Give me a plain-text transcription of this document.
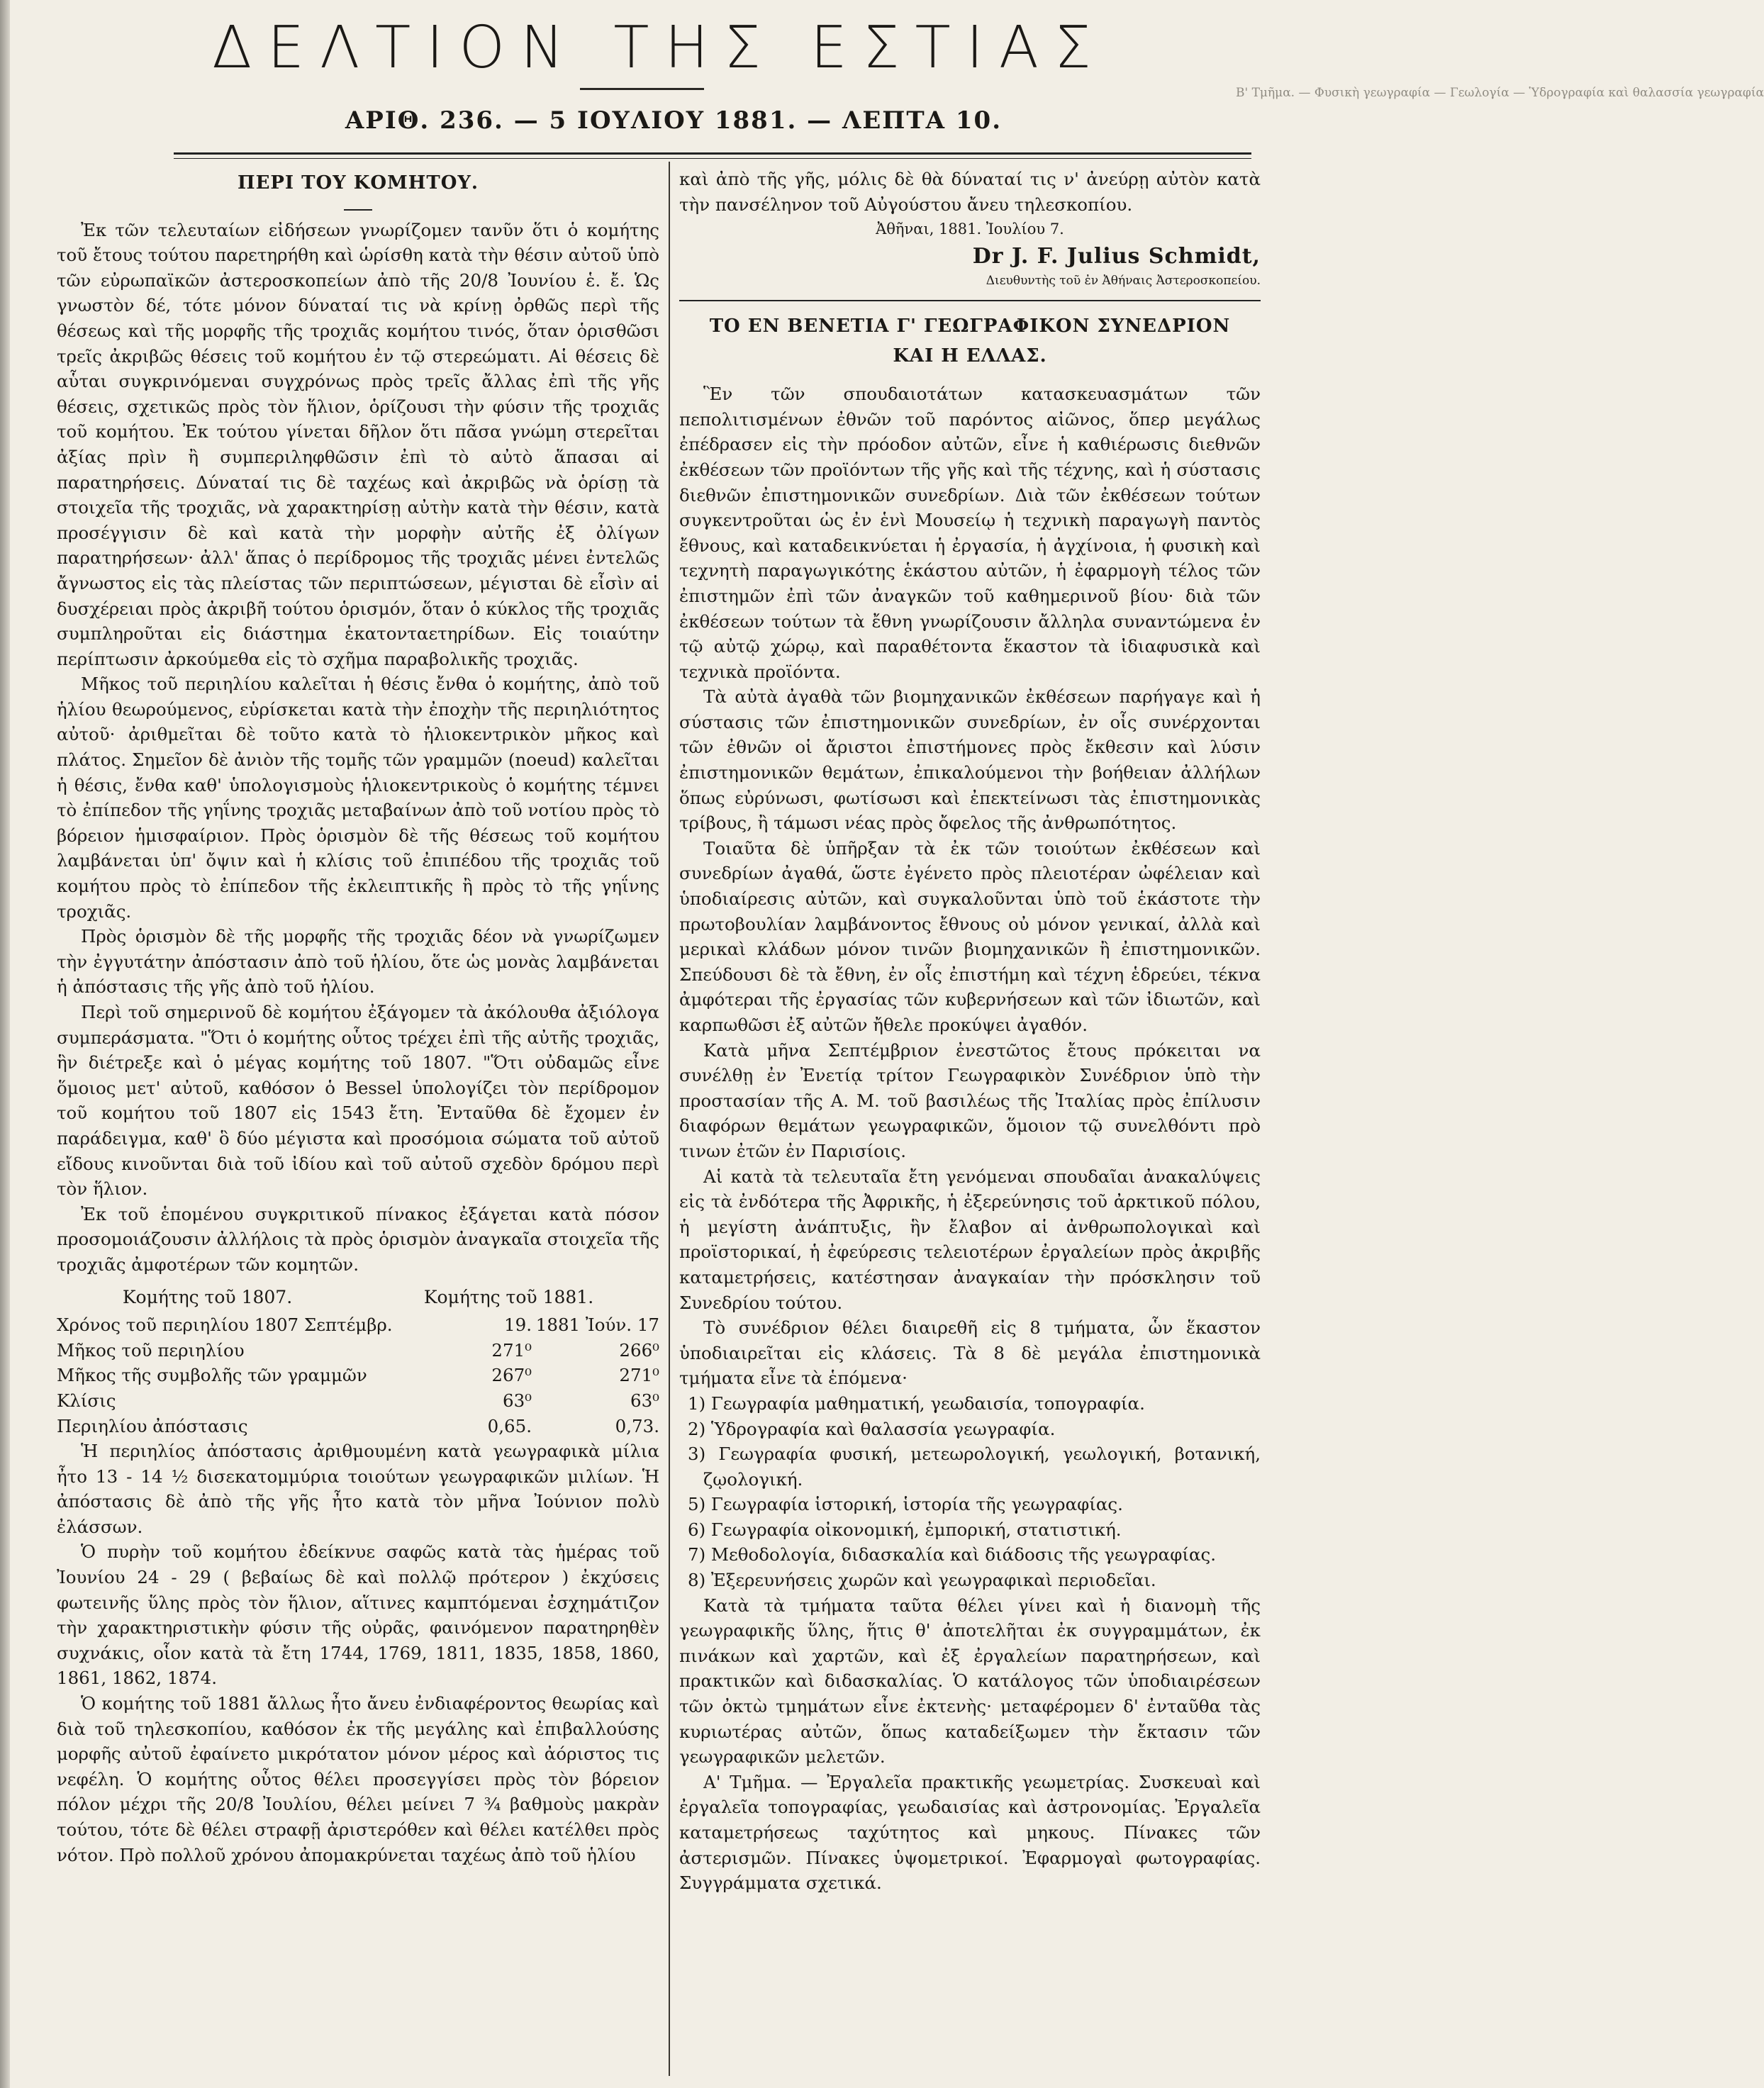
Β' Τμῆμα. — Φυσικὴ γεωγραφία — Γεωλογία — Ὑδρογραφία καὶ θαλασσία γεωγραφία
ΔΕΛΤΙΟΝ ΤΗΣ ΕΣΤΙΑΣ
ΑΡΙΘ. 236. — 5 ΙΟΥΛΙΟΥ 1881. — ΛΕΠΤΑ 10.
ΠΕΡΙ ΤΟΥ ΚΟΜΗΤΟΥ.

Ἐκ τῶν τελευταίων εἰδήσεων γνωρίζομεν τανῦν ὅτι ὁ κομήτης τοῦ ἔτους τούτου παρετηρήθη καὶ ὡρίσθη κατὰ τὴν θέσιν αὐτοῦ ὑπὸ τῶν εὐρωπαϊκῶν ἀστεροσκοπείων ἀπὸ τῆς 20/8 Ἰουνίου ἑ. ἔ. Ὡς γνωστὸν δέ, τότε μόνον δύναταί τις νὰ κρίνῃ ὀρθῶς περὶ τῆς θέσεως καὶ τῆς μορφῆς τῆς τροχιᾶς κομήτου τινός, ὅταν ὁρισθῶσι τρεῖς ἀκριβῶς θέσεις τοῦ κομήτου ἐν τῷ στερεώματι. Αἱ θέσεις δὲ αὗται συγκρινόμεναι συγχρόνως πρὸς τρεῖς ἄλλας ἐπὶ τῆς γῆς θέσεις, σχετικῶς πρὸς τὸν ἥλιον, ὁρίζουσι τὴν φύσιν τῆς τροχιᾶς τοῦ κομήτου. Ἐκ τούτου γίνεται δῆλον ὅτι πᾶσα γνώμη στερεῖται ἀξίας πρὶν ἢ συμπεριληφθῶσιν ἐπὶ τὸ αὐτὸ ἅπασαι αἱ παρατηρήσεις. Δύναταί τις δὲ ταχέως καὶ ἀκριβῶς νὰ ὁρίσῃ τὰ στοιχεῖα τῆς τροχιᾶς, νὰ χαρακτηρίσῃ αὐτὴν κατὰ τὴν θέσιν, κατὰ προσέγγισιν δὲ καὶ κατὰ τὴν μορφὴν αὐτῆς ἐξ ὀλίγων παρατηρήσεων· ἀλλ' ἅπας ὁ περίδρομος τῆς τροχιᾶς μένει ἐντελῶς ἄγνωστος εἰς τὰς πλείστας τῶν περιπτώσεων, μέγισται δὲ εἶσὶν αἱ δυσχέρειαι πρὸς ἀκριβῆ τούτου ὁρισμόν, ὅταν ὁ κύκλος τῆς τροχιᾶς συμπληροῦται εἰς διάστημα ἑκατονταετηρίδων. Εἰς τοιαύτην περίπτωσιν ἀρκούμεθα εἰς τὸ σχῆμα παραβολικῆς τροχιᾶς.

Μῆκος τοῦ περιηλίου καλεῖται ἡ θέσις ἔνθα ὁ κομήτης, ἀπὸ τοῦ ἡλίου θεωρούμενος, εὑρίσκεται κατὰ τὴν ἐποχὴν τῆς περιηλιότητος αὐτοῦ· ἀριθμεῖται δὲ τοῦτο κατὰ τὸ ἡλιοκεντρικὸν μῆκος καὶ πλάτος. Σημεῖον δὲ ἀνιὸν τῆς τομῆς τῶν γραμμῶν (noeud) καλεῖται ἡ θέσις, ἔνθα καθ' ὑπολογισμοὺς ἡλιοκεντρικοὺς ὁ κομήτης τέμνει τὸ ἐπίπεδον τῆς γηΐνης τροχιᾶς μεταβαίνων ἀπὸ τοῦ νοτίου πρὸς τὸ βόρειον ἡμισφαίριον. Πρὸς ὁρισμὸν δὲ τῆς θέσεως τοῦ κομήτου λαμβάνεται ὑπ' ὄψιν καὶ ἡ κλίσις τοῦ ἐπιπέδου τῆς τροχιᾶς τοῦ κομήτου πρὸς τὸ ἐπίπεδον τῆς ἐκλειπτικῆς ἢ πρὸς τὸ τῆς γηΐνης τροχιᾶς.

Πρὸς ὁρισμὸν δὲ τῆς μορφῆς τῆς τροχιᾶς δέον νὰ γνωρίζωμεν τὴν ἐγγυτάτην ἀπόστασιν ἀπὸ τοῦ ἡλίου, ὅτε ὡς μονὰς λαμβάνεται ἡ ἀπόστασις τῆς γῆς ἀπὸ τοῦ ἡλίου.

Περὶ τοῦ σημερινοῦ δὲ κομήτου ἐξάγομεν τὰ ἀκόλουθα ἀξιόλογα συμπεράσματα. "Ὅτι ὁ κομήτης οὗτος τρέχει ἐπὶ τῆς αὐτῆς τροχιᾶς, ἣν διέτρεξε καὶ ὁ μέγας κομήτης τοῦ 1807. "Ὅτι οὐδαμῶς εἶνε ὅμοιος μετ' αὐτοῦ, καθόσον ὁ Bessel ὑπολογίζει τὸν περίδρομον τοῦ κομήτου τοῦ 1807 εἰς 1543 ἔτη. Ἐνταῦθα δὲ ἔχομεν ἐν παράδειγμα, καθ' ὃ δύο μέγιστα καὶ προσόμοια σώματα τοῦ αὐτοῦ εἴδους κινοῦνται διὰ τοῦ ἰδίου καὶ τοῦ αὐτοῦ σχεδὸν δρόμου περὶ τὸν ἥλιον.

Ἐκ τοῦ ἑπομένου συγκριτικοῦ πίνακος ἐξάγεται κατὰ πόσον προσομοιάζουσιν ἀλλήλοις τὰ πρὸς ὁρισμὸν ἀναγκαῖα στοιχεῖα τῆς τροχιᾶς ἀμφοτέρων τῶν κομητῶν.

Κομήτης τοῦ 1807.	Κομήτης τοῦ 1881.
Χρόνος τοῦ περιηλίου 1807 Σεπτέμβρ.	19. 1881 Ἰούν. 17
Μῆκος τοῦ περιηλίου	271⁰	266⁰
Μῆκος τῆς συμβολῆς τῶν γραμμῶν	267⁰	271⁰
Κλίσις	63⁰	63⁰
Περιηλίου ἀπόστασις	0,65.	0,73.

Ἡ περιηλίος ἀπόστασις ἀριθμουμένη κατὰ γεωγραφικὰ μίλια ἦτο 13 - 14 ½ δισεκατομμύρια τοιούτων γεωγραφικῶν μιλίων. Ἡ ἀπόστασις δὲ ἀπὸ τῆς γῆς ἦτο κατὰ τὸν μῆνα Ἰούνιον πολὺ ἐλάσσων.

Ὁ πυρὴν τοῦ κομήτου ἐδείκνυε σαφῶς κατὰ τὰς ἡμέρας τοῦ Ἰουνίου 24 - 29 ( βεβαίως δὲ καὶ πολλῷ πρότερον ) ἐκχύσεις φωτεινῆς ὕλης πρὸς τὸν ἥλιον, αἵτινες καμπτόμεναι ἐσχημάτιζον τὴν χαρακτηριστικὴν φύσιν τῆς οὐρᾶς, φαινόμενον παρατηρηθὲν συχνάκις, οἷον κατὰ τὰ ἔτη 1744, 1769, 1811, 1835, 1858, 1860, 1861, 1862, 1874.

Ὁ κομήτης τοῦ 1881 ἄλλως ἦτο ἄνευ ἐνδιαφέροντος θεωρίας καὶ διὰ τοῦ τηλεσκοπίου, καθόσον ἐκ τῆς μεγάλης καὶ ἐπιβαλλούσης μορφῆς αὐτοῦ ἐφαίνετο μικρότατον μόνον μέρος καὶ ἀόριστος τις νεφέλη. Ὁ κομήτης οὗτος θέλει προσεγγίσει πρὸς τὸν βόρειον πόλον μέχρι τῆς 20/8 Ἰουλίου, θέλει μείνει 7 ¾ βαθμοὺς μακρὰν τούτου, τότε δὲ θέλει στραφῇ ἀριστερόθεν καὶ θέλει κατέλθει πρὸς νότον. Πρὸ πολλοῦ χρόνου ἀπομακρύνεται ταχέως ἀπὸ τοῦ ἡλίου

καὶ ἀπὸ τῆς γῆς, μόλις δὲ θὰ δύναταί τις ν' ἀνεύρῃ αὐτὸν κατὰ τὴν πανσέληνον τοῦ Αὐγούστου ἄνευ τηλεσκοπίου.

Ἀθῆναι, 1881. Ἰουλίου 7.
Dr J. F. Julius Schmidt,
Διευθυντὴς τοῦ ἐν Ἀθήναις Ἀστεροσκοπείου.
ΤΟ ΕΝ ΒΕΝΕΤΙΑ Γ' ΓΕΩΓΡΑΦΙΚΟΝ ΣΥΝΕΔΡΙΟΝ
ΚΑΙ Η ΕΛΛΑΣ.

Ἓν τῶν σπουδαιοτάτων κατασκευασμάτων τῶν πεπολιτισμένων ἐθνῶν τοῦ παρόντος αἰῶνος, ὅπερ μεγάλως ἐπέδρασεν εἰς τὴν πρόοδον αὐτῶν, εἶνε ἡ καθιέρωσις διεθνῶν ἐκθέσεων τῶν προϊόντων τῆς γῆς καὶ τῆς τέχνης, καὶ ἡ σύστασις διεθνῶν ἐπιστημονικῶν συνεδρίων. Διὰ τῶν ἐκθέσεων τούτων συγκεντροῦται ὡς ἐν ἑνὶ Μουσείῳ ἡ τεχνικὴ παραγωγὴ παντὸς ἔθνους, καὶ καταδεικνύεται ἡ ἐργασία, ἡ ἀγχίνοια, ἡ φυσικὴ καὶ τεχνητὴ παραγωγικότης ἑκάστου αὐτῶν, ἡ ἐφαρμογὴ τέλος τῶν ἐπιστημῶν ἐπὶ τῶν ἀναγκῶν τοῦ καθημερινοῦ βίου· διὰ τῶν ἐκθέσεων τούτων τὰ ἔθνη γνωρίζουσιν ἄλληλα συναντώμενα ἐν τῷ αὐτῷ χώρῳ, καὶ παραθέτοντα ἕκαστον τὰ ἰδιαφυσικὰ καὶ τεχνικὰ προϊόντα.

Τὰ αὐτὰ ἀγαθὰ τῶν βιομηχανικῶν ἐκθέσεων παρήγαγε καὶ ἡ σύστασις τῶν ἐπιστημονικῶν συνεδρίων, ἐν οἷς συνέρχονται τῶν ἐθνῶν οἱ ἄριστοι ἐπιστήμονες πρὸς ἔκθεσιν καὶ λύσιν ἐπιστημονικῶν θεμάτων, ἐπικαλούμενοι τὴν βοήθειαν ἀλλήλων ὅπως εὐρύνωσι, φωτίσωσι καὶ ἐπεκτείνωσι τὰς ἐπιστημονικὰς τρίβους, ἢ τάμωσι νέας πρὸς ὄφελος τῆς ἀνθρωπότητος.

Τοιαῦτα δὲ ὑπῆρξαν τὰ ἐκ τῶν τοιούτων ἐκθέσεων καὶ συνεδρίων ἀγαθά, ὥστε ἐγένετο πρὸς πλειοτέραν ὠφέλειαν καὶ ὑποδιαίρεσις αὐτῶν, καὶ συγκαλοῦνται ὑπὸ τοῦ ἑκάστοτε τὴν πρωτοβουλίαν λαμβάνοντος ἔθνους οὐ μόνον γενικαί, ἀλλὰ καὶ μερικαὶ κλάδων μόνον τινῶν βιομηχανικῶν ἢ ἐπιστημονικῶν. Σπεύδουσι δὲ τὰ ἔθνη, ἐν οἷς ἐπιστήμη καὶ τέχνη ἑδρεύει, τέκνα ἀμφότεραι τῆς ἐργασίας τῶν κυβερνήσεων καὶ τῶν ἰδιωτῶν, καὶ καρπωθῶσι ἐξ αὐτῶν ἤθελε προκύψει ἀγαθόν.

Κατὰ μῆνα Σεπτέμβριον ἐνεστῶτος ἔτους πρόκειται να συνέλθῃ ἐν Ἐνετίᾳ τρίτον Γεωγραφικὸν Συνέδριον ὑπὸ τὴν προστασίαν τῆς Α. Μ. τοῦ βασιλέως τῆς Ἰταλίας πρὸς ἐπίλυσιν διαφόρων θεμάτων γεωγραφικῶν, ὅμοιον τῷ συνελθόντι πρὸ τινων ἐτῶν ἐν Παρισίοις.

Αἱ κατὰ τὰ τελευταῖα ἔτη γενόμεναι σπουδαῖαι ἀνακαλύψεις εἰς τὰ ἐνδότερα τῆς Ἀφρικῆς, ἡ ἐξερεύνησις τοῦ ἀρκτικοῦ πόλου, ἡ μεγίστη ἀνάπτυξις, ἣν ἔλαβον αἱ ἀνθρωπολογικαὶ καὶ προϊστορικαί, ἡ ἐφεύρεσις τελειοτέρων ἐργαλείων πρὸς ἀκριβῆς καταμετρήσεις, κατέστησαν ἀναγκαίαν τὴν πρόσκλησιν τοῦ Συνεδρίου τούτου.

Τὸ συνέδριον θέλει διαιρεθῆ εἰς 8 τμήματα, ὧν ἕκαστον ὑποδιαιρεῖται εἰς κλάσεις. Τὰ 8 δὲ μεγάλα ἐπιστημονικὰ τμήματα εἶνε τὰ ἑπόμενα·

1) Γεωγραφία μαθηματική, γεωδαισία, τοπογραφία.

2) Ὑδρογραφία καὶ θαλασσία γεωγραφία.

3) Γεωγραφία φυσική, μετεωρολογική, γεωλογική, βοτανική, ζῳολογική.

5) Γεωγραφία ἱστορική, ἱστορία τῆς γεωγραφίας.

6) Γεωγραφία οἰκονομική, ἐμπορική, στατιστική.

7) Μεθοδολογία, διδασκαλία καὶ διάδοσις τῆς γεωγραφίας.

8) Ἐξερευνήσεις χωρῶν καὶ γεωγραφικαὶ περιοδεῖαι.

Κατὰ τὰ τμήματα ταῦτα θέλει γίνει καὶ ἡ διανομὴ τῆς γεωγραφικῆς ὕλης, ἥτις θ' ἀποτελῆται ἐκ συγγραμμάτων, ἐκ πινάκων καὶ χαρτῶν, καὶ ἐξ ἐργαλείων παρατηρήσεων, καὶ πρακτικῶν καὶ διδασκαλίας. Ὁ κατάλογος τῶν ὑποδιαιρέσεων τῶν ὀκτὼ τμημάτων εἶνε ἐκτενὴς· μεταφέρομεν δ' ἐνταῦθα τὰς κυριωτέρας αὐτῶν, ὅπως καταδείξωμεν τὴν ἔκτασιν τῶν γεωγραφικῶν μελετῶν.

Α' Τμῆμα. — Ἐργαλεῖα πρακτικῆς γεωμετρίας. Συσκευαὶ καὶ ἐργαλεῖα τοπογραφίας, γεωδαισίας καὶ ἀστρονομίας. Ἐργαλεῖα καταμετρήσεως ταχύτητος καὶ μηκους. Πίνακες τῶν ἀστερισμῶν. Πίνακες ὑψομετρικοί. Ἐφαρμογαὶ φωτογραφίας. Συγγράμματα σχετικά.
